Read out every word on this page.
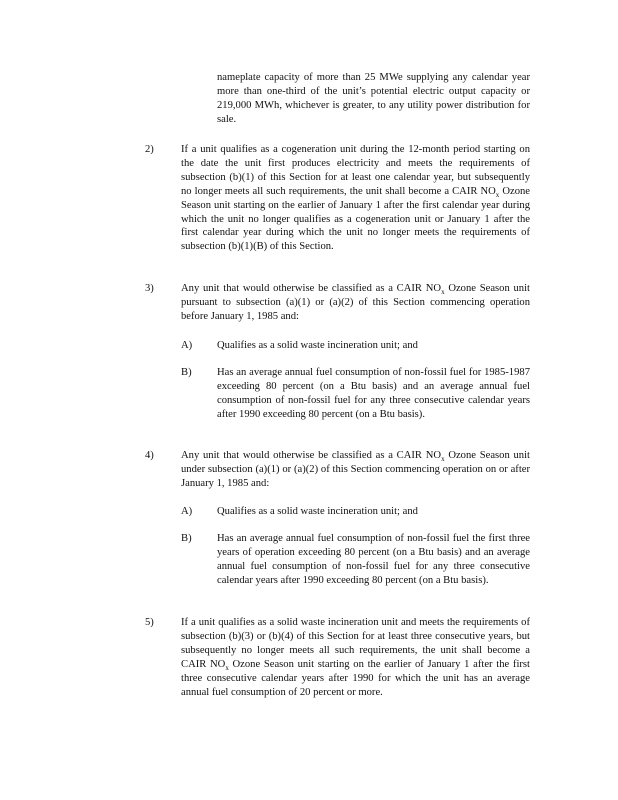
nameplate capacity of more than 25 MWe supplying any calendar year more than one-third of the unit’s potential electric output capacity or 219,000 MWh, whichever is greater, to any utility power distribution for sale.

2)	If a unit qualifies as a cogeneration unit during the 12-month period starting on the date the unit first produces electricity and meets the requirements of subsection (b)(1) of this Section for at least one calendar year, but subsequently no longer meets all such requirements, the unit shall become a CAIR $NO_x$ Ozone Season unit starting on the earlier of January 1 after the first calendar year during which the unit no longer qualifies as a cogeneration unit or January 1 after the first calendar year during which the unit no longer meets the requirements of subsection (b)(1)(B) of this Section.

3)	Any unit that would otherwise be classified as a CAIR $NO_x$ Ozone Season unit pursuant to subsection (a)(1) or (a)(2) of this Section commencing operation before January 1, 1985 and:

A) Qualifies as a solid waste incineration unit; and

B) Has an average annual fuel consumption of non-fossil fuel for 1985-1987 exceeding 80 percent (on a Btu basis) and an average annual fuel consumption of non-fossil fuel for any three consecutive calendar years after 1990 exceeding 80 percent (on a Btu basis).

4)	Any unit that would otherwise be classified as a CAIR $NO_x$ Ozone Season unit under subsection (a)(1) or (a)(2) of this Section commencing operation on or after January 1, 1985 and:

A) Qualifies as a solid waste incineration unit; and

B) Has an average annual fuel consumption of non-fossil fuel the first three years of operation exceeding 80 percent (on a Btu basis) and an average annual fuel consumption of non-fossil fuel for any three consecutive calendar years after 1990 exceeding 80 percent (on a Btu basis).

5)	If a unit qualifies as a solid waste incineration unit and meets the requirements of subsection (b)(3) or (b)(4) of this Section for at least three consecutive years, but subsequently no longer meets all such requirements, the unit shall become a CAIR $NO_x$ Ozone Season unit starting on the earlier of January 1 after the first three consecutive calendar years after 1990 for which the unit has an average annual fuel consumption of 20 percent or more.
